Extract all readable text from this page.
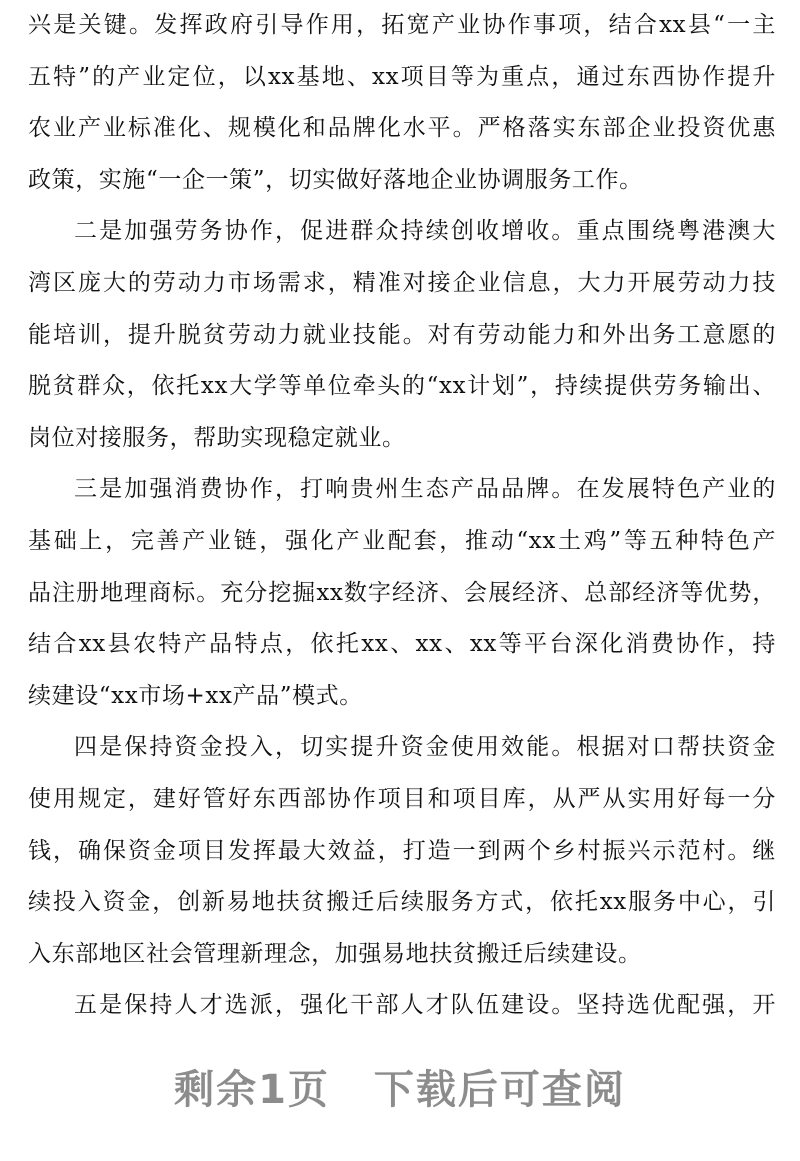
兴是关键。发挥政府引导作用，拓宽产业协作事项，结合xx县“一主
五特”的产业定位，以xx基地、xx项目等为重点，通过东西协作提升
农业产业标准化、规模化和品牌化水平。严格落实东部企业投资优惠
政策，实施“一企一策”，切实做好落地企业协调服务工作。
二是加强劳务协作，促进群众持续创收增收。重点围绕粤港澳大
湾区庞大的劳动力市场需求，精准对接企业信息，大力开展劳动力技
能培训，提升脱贫劳动力就业技能。对有劳动能力和外出务工意愿的
脱贫群众，依托xx大学等单位牵头的“xx计划”，持续提供劳务输出、
岗位对接服务，帮助实现稳定就业。
三是加强消费协作，打响贵州生态产品品牌。在发展特色产业的
基础上，完善产业链，强化产业配套，推动“xx土鸡”等五种特色产
品注册地理商标。充分挖掘xx数字经济、会展经济、总部经济等优势，
结合xx县农特产品特点，依托xx、xx、xx等平台深化消费协作，持
续建设“xx市场+xx产品”模式。
四是保持资金投入，切实提升资金使用效能。根据对口帮扶资金
使用规定，建好管好东西部协作项目和项目库，从严从实用好每一分
钱，确保资金项目发挥最大效益，打造一到两个乡村振兴示范村。继
续投入资金，创新易地扶贫搬迁后续服务方式，依托xx服务中心，引
入东部地区社会管理新理念，加强易地扶贫搬迁后续建设。
五是保持人才选派，强化干部人才队伍建设。坚持选优配强，开
剩余1页 下载后可查阅
